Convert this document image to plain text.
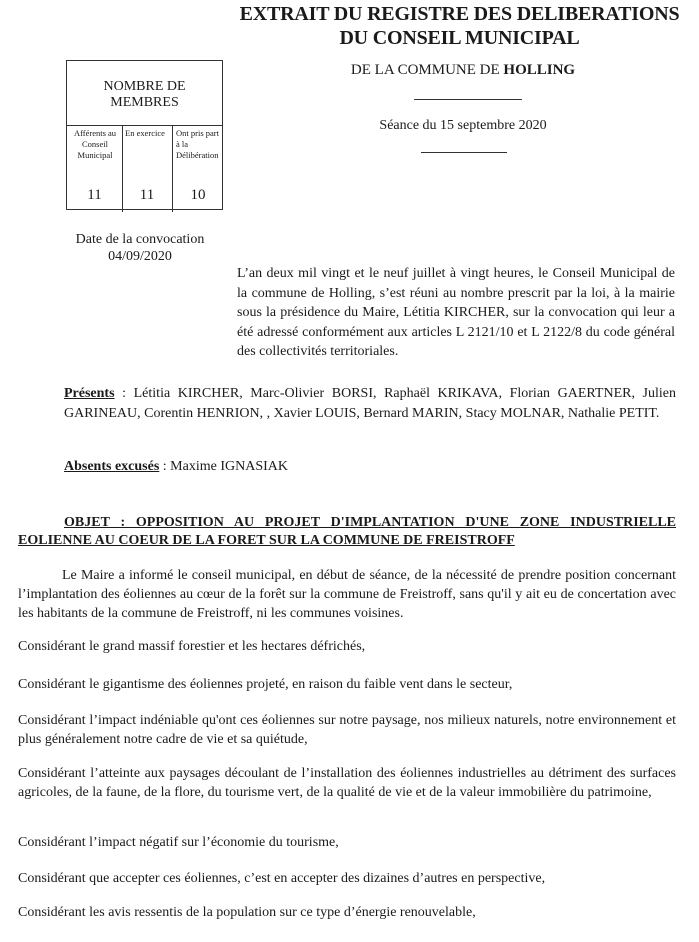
EXTRAIT DU REGISTRE DES DELIBERATIONS
DU CONSEIL MUNICIPAL
DE LA COMMUNE DE HOLLING
Séance du 15 septembre 2020
NOMBRE DE
MEMBRES
Afférents au Conseil Municipal
11
En exercice
11
Ont pris part à la Délibération
10
Date de la convocation
04/09/2020
L’an deux mil vingt et le neuf juillet à vingt heures, le Conseil Municipal de la commune de Holling, s’est réuni au nombre prescrit par la loi, à la mairie sous la présidence du Maire, Létitia KIRCHER, sur la convocation qui leur a été adressé conformément aux articles L 2121/10 et L 2122/8 du code général des collectivités territoriales.
Présents : Létitia KIRCHER, Marc-Olivier BORSI, Raphaël KRIKAVA, Florian GAERTNER, Julien GARINEAU, Corentin HENRION, , Xavier LOUIS, Bernard MARIN, Stacy MOLNAR, Nathalie PETIT.
Absents excusés : Maxime IGNASIAK
OBJET : OPPOSITION AU PROJET D'IMPLANTATION D'UNE ZONE INDUSTRIELLE EOLIENNE AU COEUR DE LA FORET SUR LA COMMUNE DE FREISTROFF
Le Maire a informé le conseil municipal, en début de séance, de la nécessité de prendre position concernant l’implantation des éoliennes au cœur de la forêt sur la commune de Freistroff, sans qu'il y ait eu de concertation avec les habitants de la commune de Freistroff, ni les communes voisines.
Considérant le grand massif forestier et les hectares défrichés,
Considérant le gigantisme des éoliennes projeté, en raison du faible vent dans le secteur,
Considérant l’impact indéniable qu'ont ces éoliennes sur notre paysage, nos milieux naturels, notre environnement et plus généralement notre cadre de vie et sa quiétude,
Considérant l’atteinte aux paysages découlant de l’installation des éoliennes industrielles au détriment des surfaces agricoles, de la faune, de la flore, du tourisme vert, de la qualité de vie et de la valeur immobilière du patrimoine,
Considérant l’impact négatif sur l’économie du tourisme,
Considérant que accepter ces éoliennes, c’est en accepter des dizaines d’autres en perspective,
Considérant les avis ressentis de la population sur ce type d’énergie renouvelable,
